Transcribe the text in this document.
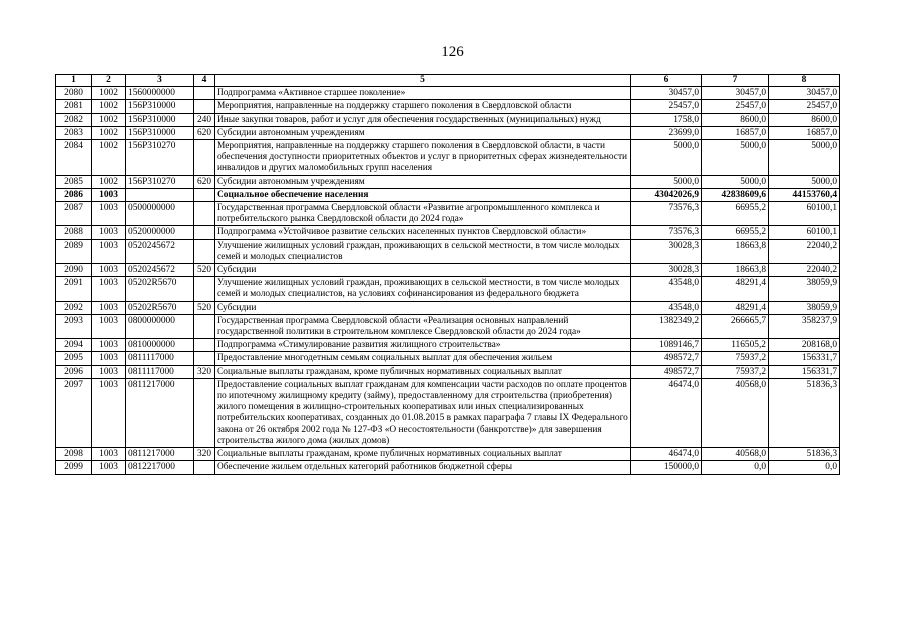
126
1	2	3	4	5	6	7	8
2080	1002	1560000000		Подпрограмма «Активное старшее поколение»	30457,0	30457,0	30457,0
2081	1002	156P310000		Мероприятия, направленные на поддержку старшего поколения в Свердловской области	25457,0	25457,0	25457,0
2082	1002	156P310000	240	Иные закупки товаров, работ и услуг для обеспечения государственных (муниципальных) нужд	1758,0	8600,0	8600,0
2083	1002	156P310000	620	Субсидии автономным учреждениям	23699,0	16857,0	16857,0
2084	1002	156P310270		Мероприятия, направленные на поддержку старшего поколения в Свердловской области, в части обеспечения доступности приоритетных объектов и услуг в приоритетных сферах жизнедеятельности инвалидов и других маломобильных групп населения	5000,0	5000,0	5000,0
2085	1002	156P310270	620	Субсидии автономным учреждениям	5000,0	5000,0	5000,0
2086	1003			Социальное обеспечение населения	43042026,9	42838609,6	44153760,4
2087	1003	0500000000		Государственная программа Свердловской области «Развитие агропромышленного комплекса и потребительского рынка Свердловской области до 2024 года»	73576,3	66955,2	60100,1
2088	1003	0520000000		Подпрограмма «Устойчивое развитие сельских населенных пунктов Свердловской области»	73576,3	66955,2	60100,1
2089	1003	0520245672		Улучшение жилищных условий граждан, проживающих в сельской местности, в том числе молодых семей и молодых специалистов	30028,3	18663,8	22040,2
2090	1003	0520245672	520	Субсидии	30028,3	18663,8	22040,2
2091	1003	05202R5670		Улучшение жилищных условий граждан, проживающих в сельской местности, в том числе молодых семей и молодых специалистов, на условиях софинансирования из федерального бюджета	43548,0	48291,4	38059,9
2092	1003	05202R5670	520	Субсидии	43548,0	48291,4	38059,9
2093	1003	0800000000		Государственная программа Свердловской области «Реализация основных направлений государственной политики в строительном комплексе Свердловской области до 2024 года»	1382349,2	266665,7	358237,9
2094	1003	0810000000		Подпрограмма «Стимулирование развития жилищного строительства»	1089146,7	116505,2	208168,0
2095	1003	0811117000		Предоставление многодетным семьям социальных выплат для обеспечения жильем	498572,7	75937,2	156331,7
2096	1003	0811117000	320	Социальные выплаты гражданам, кроме публичных нормативных социальных выплат	498572,7	75937,2	156331,7
2097	1003	0811217000		Предоставление социальных выплат гражданам для компенсации части расходов по оплате процентов по ипотечному жилищному кредиту (займу), предоставленному для строительства (приобретения) жилого помещения в жилищно-строительных кооперативах или иных специализированных потребительских кооперативах, созданных до 01.08.2015 в рамках параграфа 7 главы IX Федерального закона от 26 октября 2002 года № 127-ФЗ «О несостоятельности (банкротстве)» для завершения строительства жилого дома (жилых домов)	46474,0	40568,0	51836,3
2098	1003	0811217000	320	Социальные выплаты гражданам, кроме публичных нормативных социальных выплат	46474,0	40568,0	51836,3
2099	1003	0812217000		Обеспечение жильем отдельных категорий работников бюджетной сферы	150000,0	0,0	0,0
